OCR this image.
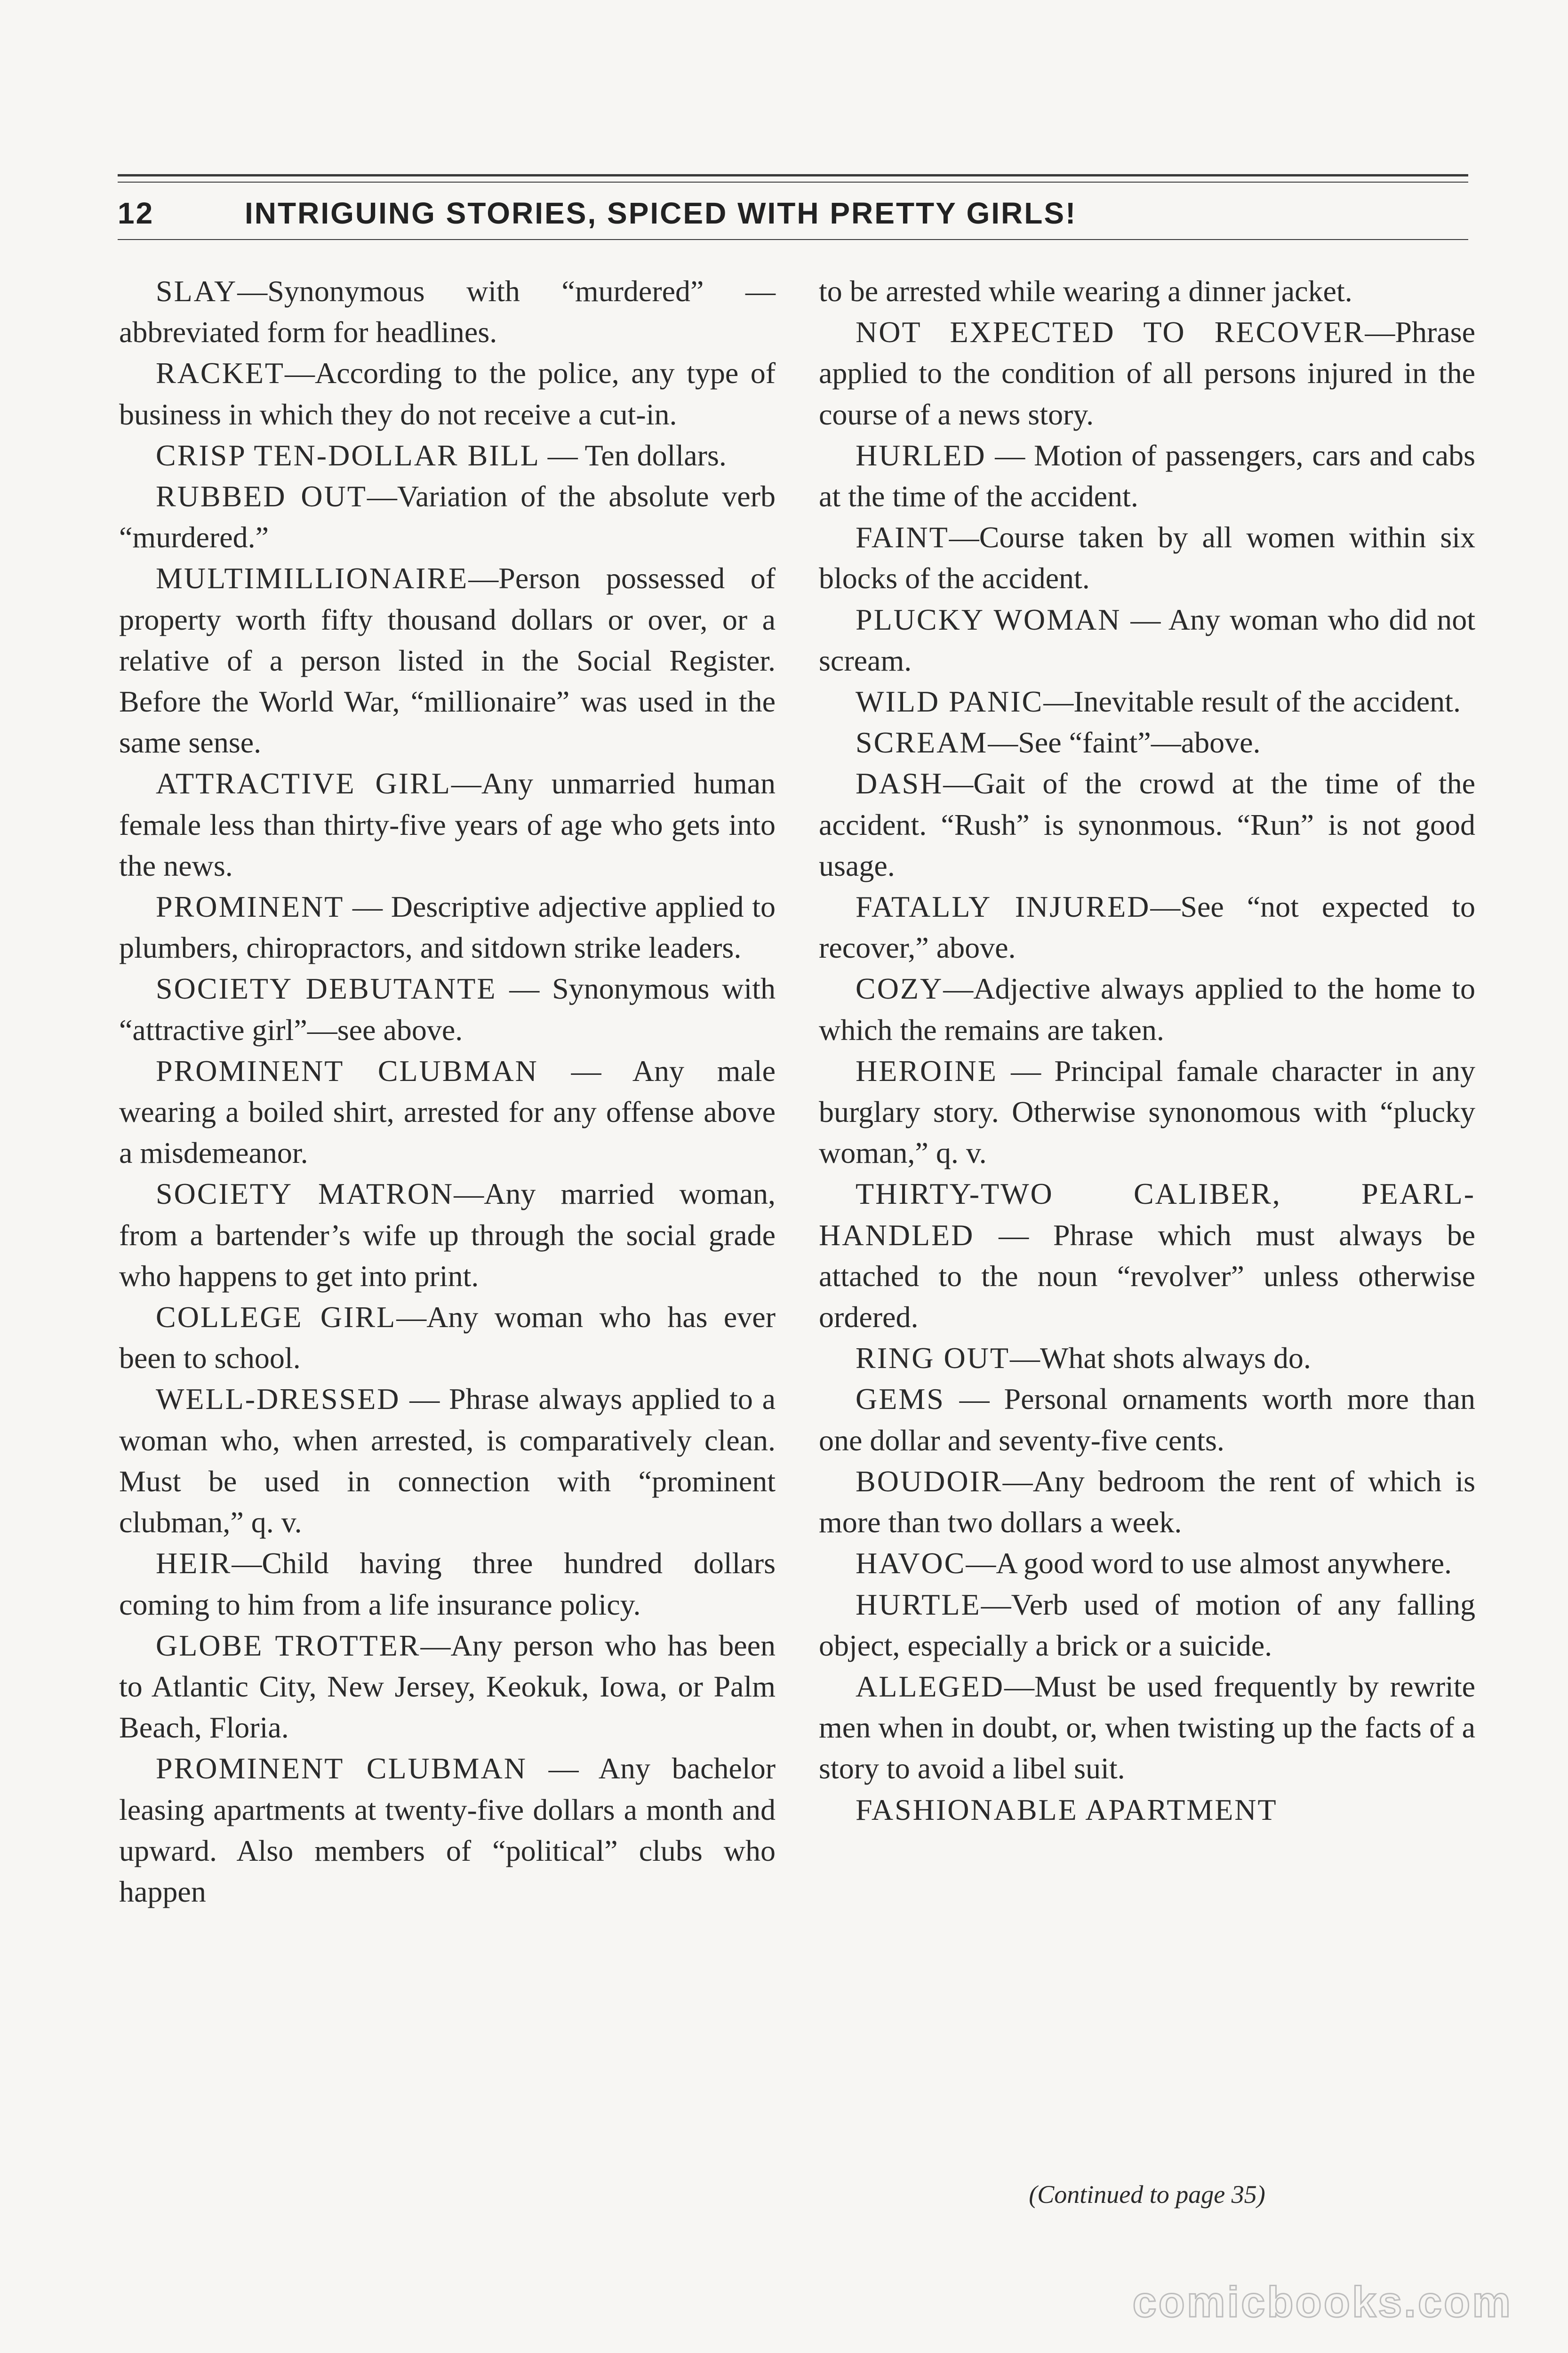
12	INTRIGUING STORIES, SPICED WITH PRETTY GIRLS!

SLAY—Synonymous with “murdered” —abbreviated form for headlines.

RACKET—According to the police, any type of business in which they do not receive a cut-in.

CRISP TEN-DOLLAR BILL — Ten dollars.

RUBBED OUT—Variation of the absolute verb “murdered.”

MULTIMILLIONAIRE—Person possessed of property worth fifty thousand dollars or over, or a relative of a person listed in the Social Register. Before the World War, “millionaire” was used in the same sense.

ATTRACTIVE GIRL—Any unmarried human female less than thirty-five years of age who gets into the news.

PROMINENT — Descriptive adjective applied to plumbers, chiropractors, and sitdown strike leaders.

SOCIETY DEBUTANTE — Synonymous with “attractive girl”—see above.

PROMINENT CLUBMAN — Any male wearing a boiled shirt, arrested for any offense above a misdemeanor.

SOCIETY MATRON—Any married woman, from a bartender’s wife up through the social grade who happens to get into print.

COLLEGE GIRL—Any woman who has ever been to school.

WELL-DRESSED — Phrase always applied to a woman who, when arrested, is comparatively clean. Must be used in connection with “prominent clubman,” q. v.

HEIR—Child having three hundred dollars coming to him from a life insurance policy.

GLOBE TROTTER—Any person who has been to Atlantic City, New Jersey, Keokuk, Iowa, or Palm Beach, Floria.

PROMINENT CLUBMAN — Any bachelor leasing apartments at twenty-five dollars a month and upward. Also members of “political” clubs who happen

to be arrested while wearing a dinner jacket.

NOT EXPECTED TO RECOVER—Phrase applied to the condition of all persons injured in the course of a news story.

HURLED — Motion of passengers, cars and cabs at the time of the accident.

FAINT—Course taken by all women within six blocks of the accident.

PLUCKY WOMAN — Any woman who did not scream.

WILD PANIC—Inevitable result of the accident.

SCREAM—See “faint”—above.

DASH—Gait of the crowd at the time of the accident. “Rush” is synonmous. “Run” is not good usage.

FATALLY INJURED—See “not expected to recover,” above.

COZY—Adjective always applied to the home to which the remains are taken.

HEROINE — Principal famale character in any burglary story. Otherwise synonomous with “plucky woman,” q. v.

THIRTY-TWO CALIBER, PEARL-HANDLED — Phrase which must always be attached to the noun “revolver” unless otherwise ordered.

RING OUT—What shots always do.

GEMS — Personal ornaments worth more than one dollar and seventy-five cents.

BOUDOIR—Any bedroom the rent of which is more than two dollars a week.

HAVOC—A good word to use almost anywhere.

HURTLE—Verb used of motion of any falling object, especially a brick or a suicide.

ALLEGED—Must be used frequently by rewrite men when in doubt, or, when twisting up the facts of a story to avoid a libel suit.

FASHIONABLE APARTMENT

(Continued to page 35)
comicbooks.com
